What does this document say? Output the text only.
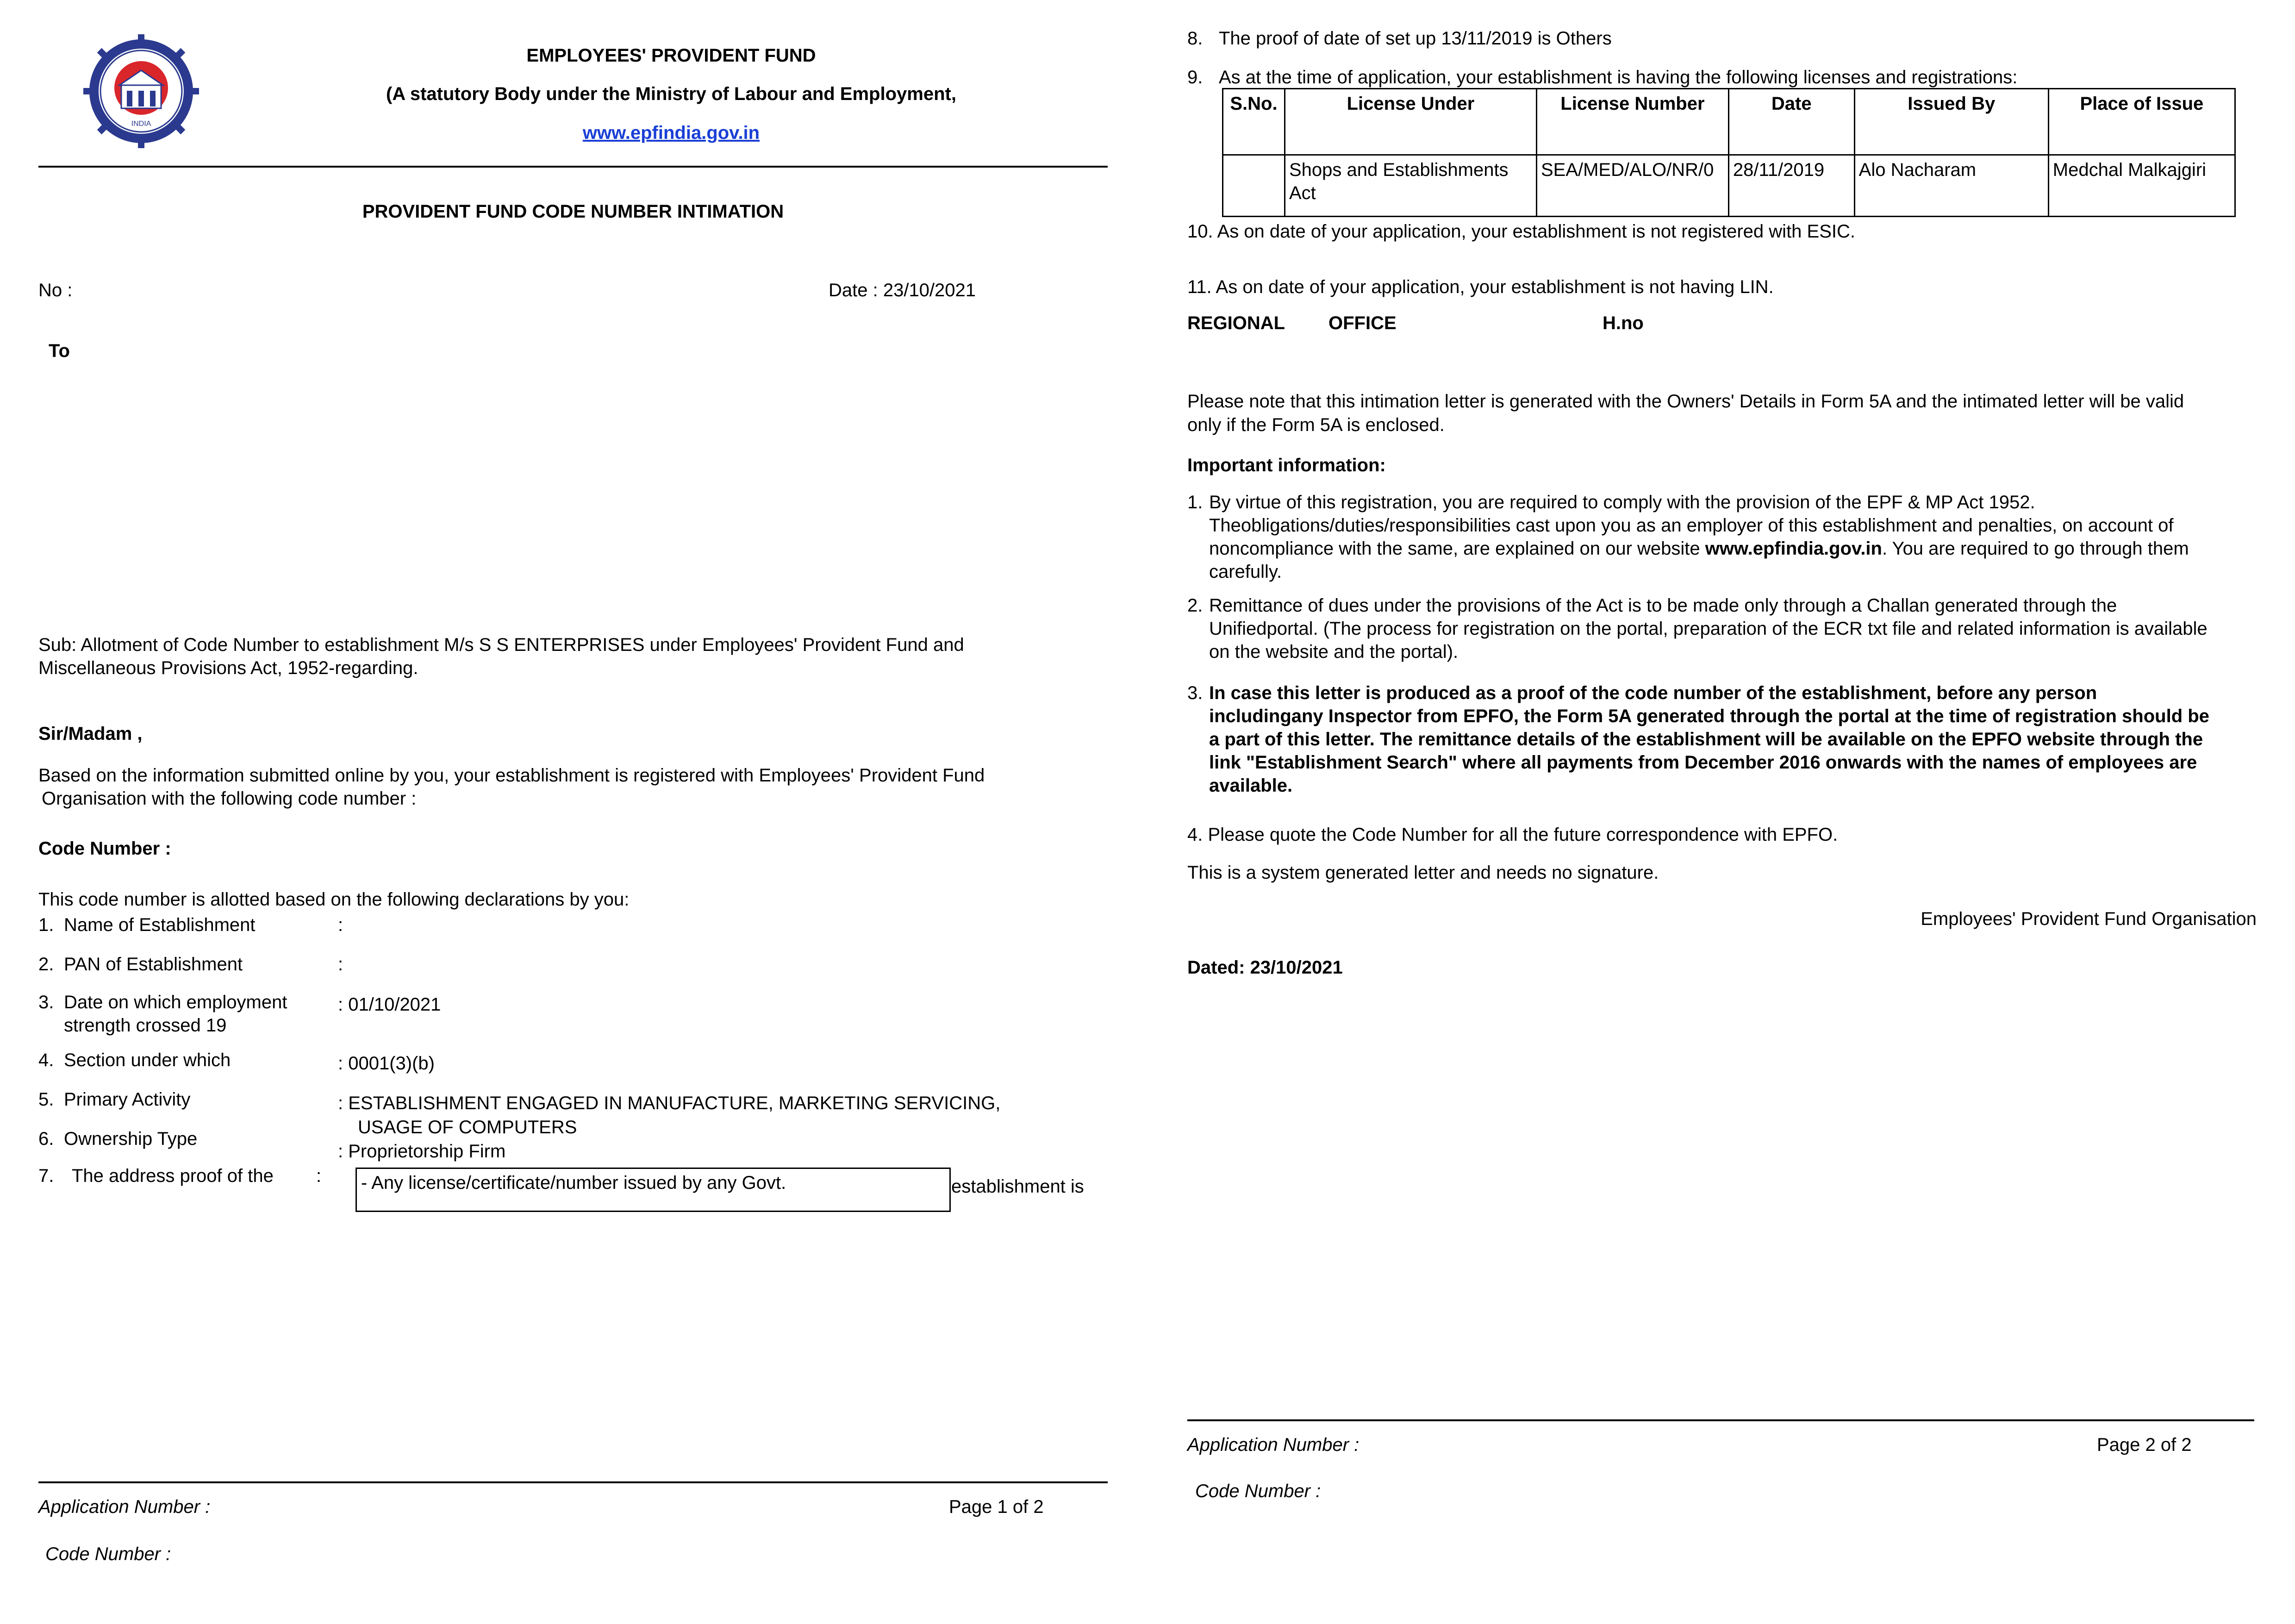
INDIA
EMPLOYEES' PROVIDENT FUND
(A statutory Body under the Ministry of Labour and Employment,
www.epfindia.gov.in
PROVIDENT FUND CODE NUMBER INTIMATION
No :	Date : 23/10/2021
To
Sub: Allotment of Code Number to establishment M/s S S ENTERPRISES under Employees' Provident Fund and
Miscellaneous Provisions Act, 1952-regarding.
Sir/Madam ,
Based on the information submitted online by you, your establishment is registered with Employees' Provident Fund
Organisation with the following code number :
Code Number :
This code number is allotted based on the following declarations by you:
1. Name of Establishment	:
2. PAN of Establishment	:
3. Date on which employment
strength crossed 19
: 01/10/2021
4. Section under which	: 0001(3)(b)
5. Primary Activity	: ESTABLISHMENT ENGAGED IN MANUFACTURE, MARKETING SERVICING,
USAGE OF COMPUTERS
6. Ownership Type
: Proprietorship Firm
7. The address proof of the : - Any license/certificate/number issued by any Govt.	establishment is
Application Number :	Page 1 of 2
Code Number :
8. The proof of date of set up 13/11/2019 is Others
9. As at the time of application, your establishment is having the following licenses and registrations:
S.No.	License Under	License Number	Date	Issued By	Place of Issue
	Shops and Establishments Act	SEA/MED/ALO/NR/0	28/11/2019	Alo Nacharam	Medchal Malkajgiri
10. As on date of your application, your establishment is not registered with ESIC.
11. As on date of your application, your establishment is not having LIN.
REGIONAL OFFICE	H.no
Please note that this intimation letter is generated with the Owners' Details in Form 5A and the intimated letter will be valid
only if the Form 5A is enclosed.
Important information:
1. By virtue of this registration, you are required to comply with the provision of the EPF & MP Act 1952.
Theobligations/duties/responsibilities cast upon you as an employer of this establishment and penalties, on account of
noncompliance with the same, are explained on our website www.epfindia.gov.in. You are required to go through them
carefully.
2. Remittance of dues under the provisions of the Act is to be made only through a Challan generated through the
Unifiedportal. (The process for registration on the portal, preparation of the ECR txt file and related information is available
on the website and the portal).
3. In case this letter is produced as a proof of the code number of the establishment, before any person
includingany Inspector from EPFO, the Form 5A generated through the portal at the time of registration should be
a part of this letter. The remittance details of the establishment will be available on the EPFO website through the
link "Establishment Search" where all payments from December 2016 onwards with the names of employees are
available.
4. Please quote the Code Number for all the future correspondence with EPFO.
This is a system generated letter and needs no signature.
Employees' Provident Fund Organisation
Dated: 23/10/2021
Application Number :	Page 2 of 2
Code Number :
